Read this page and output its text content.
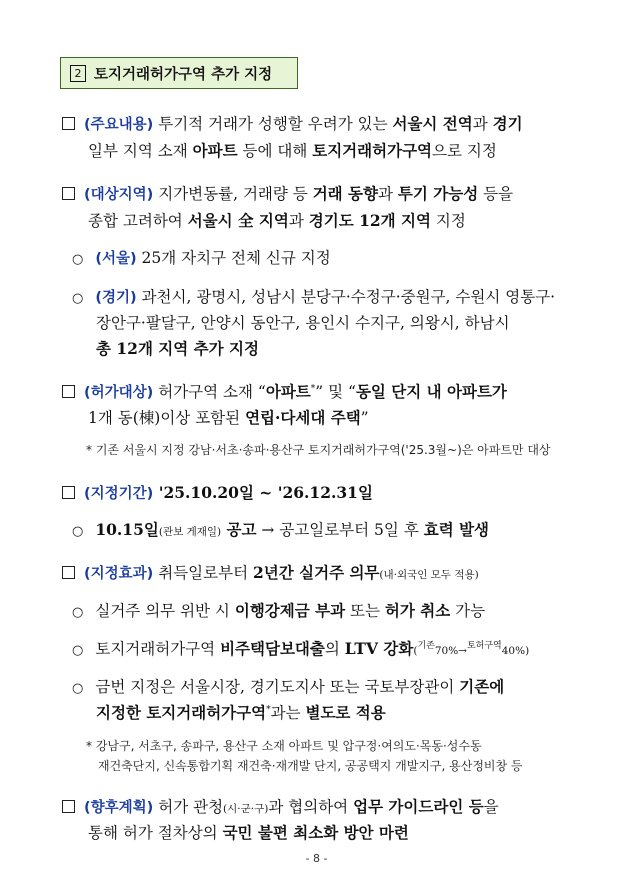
2 토지거래허가구역 추가 지정
(주요내용) 투기적 거래가 성행할 우려가 있는 서울시 전역과 경기
일부 지역 소재 아파트 등에 대해 토지거래허가구역으로 지정
(대상지역) 지가변동률, 거래량 등 거래 동향과 투기 가능성 등을
종합 고려하여 서울시 全 지역과 경기도 12개 지역 지정
○ (서울) 25개 자치구 전체 신규 지정
○ (경기) 과천시, 광명시, 성남시 분당구·수정구·중원구, 수원시 영통구·
장안구·팔달구, 안양시 동안구, 용인시 수지구, 의왕시, 하남시
총 12개 지역 추가 지정
(허가대상) 허가구역 소재 “아파트*” 및 “동일 단지 내 아파트가
1개 동(棟)이상 포함된 연립·다세대 주택”
* 기존 서울시 지정 강남·서초·송파·용산구 토지거래허가구역('25.3월~)은 아파트만 대상
(지정기간) '25.10.20일 ~ '26.12.31일
○ 10.15일(관보 게재일) 공고 → 공고일로부터 5일 후 효력 발생
(지정효과) 취득일로부터 2년간 실거주 의무(내·외국인 모두 적용)
○ 실거주 의무 위반 시 이행강제금 부과 또는 허가 취소 가능
○ 토지거래허가구역 비주택담보대출의 LTV 강화($^{기존}$70%→$^{토허구역}$40%)
○ 금번 지정은 서울시장, 경기도지사 또는 국토부장관이 기존에
지정한 토지거래허가구역*과는 별도로 적용
* 강남구, 서초구, 송파구, 용산구 소재 아파트 및 압구정·여의도·목동·성수동
재건축단지, 신속통합기획 재건축·재개발 단지, 공공택지 개발지구, 용산정비창 등
(향후계획) 허가 관청(시·군·구)과 협의하여 업무 가이드라인 등을
통해 허가 절차상의 국민 불편 최소화 방안 마련
- 8 -
